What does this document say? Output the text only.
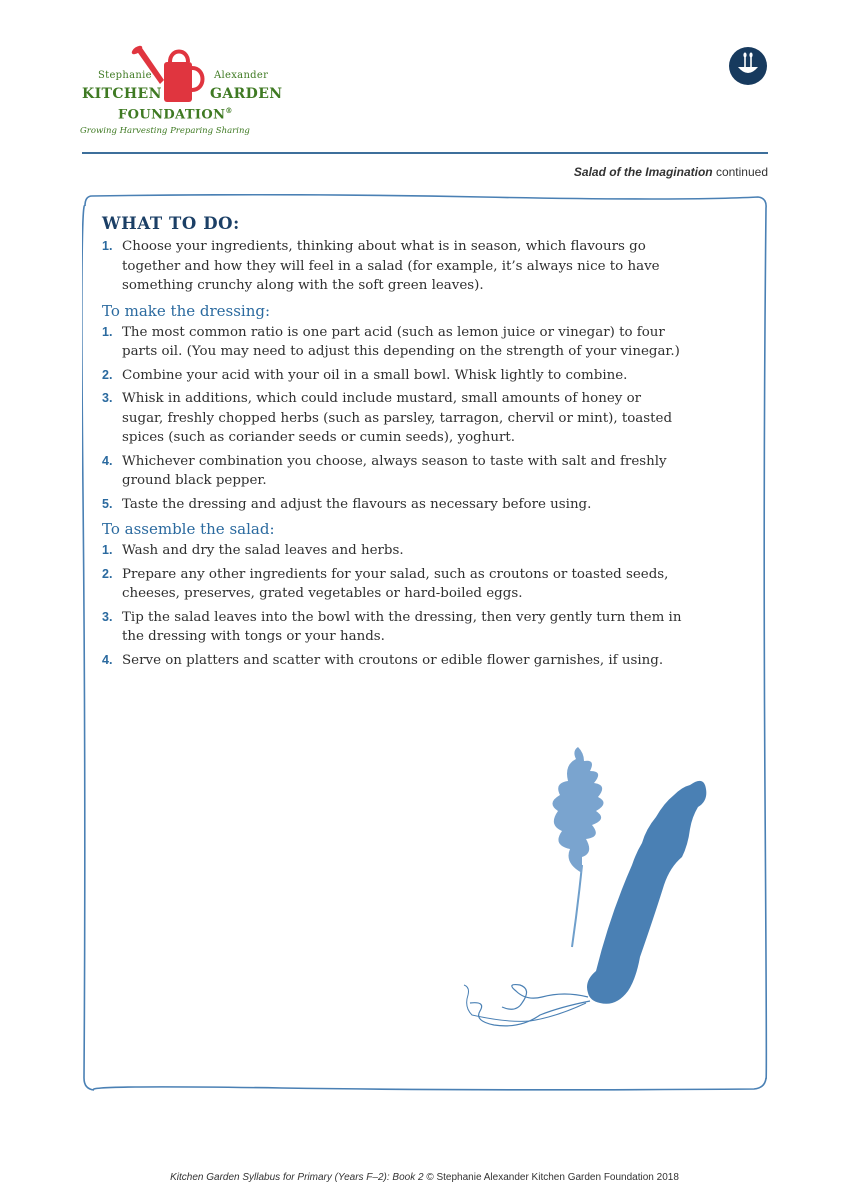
Stephanie	Alexander

KITCHEN	GARDEN

FOUNDATION®

Growing Harvesting Preparing Sharing

Salad of the Imagination continued
WHAT TO DO:
1. Choose your ingredients, thinking about what is in season, which flavours go together and how they will feel in a salad (for example, it’s always nice to have something crunchy along with the soft green leaves).
To make the dressing:
1. The most common ratio is one part acid (such as lemon juice or vinegar) to four parts oil. (You may need to adjust this depending on the strength of your vinegar.)
2. Combine your acid with your oil in a small bowl. Whisk lightly to combine.
3. Whisk in additions, which could include mustard, small amounts of honey or sugar, freshly chopped herbs (such as parsley, tarragon, chervil or mint), toasted spices (such as coriander seeds or cumin seeds), yoghurt.
4. Whichever combination you choose, always season to taste with salt and freshly ground black pepper.
5. Taste the dressing and adjust the flavours as necessary before using.
To assemble the salad:
1. Wash and dry the salad leaves and herbs.
2. Prepare any other ingredients for your salad, such as croutons or toasted seeds, cheeses, preserves, grated vegetables or hard-boiled eggs.
3. Tip the salad leaves into the bowl with the dressing, then very gently turn them in the dressing with tongs or your hands.
4. Serve on platters and scatter with croutons or edible flower garnishes, if using.
Kitchen Garden Syllabus for Primary (Years F–2): Book 2 © Stephanie Alexander Kitchen Garden Foundation 2018
